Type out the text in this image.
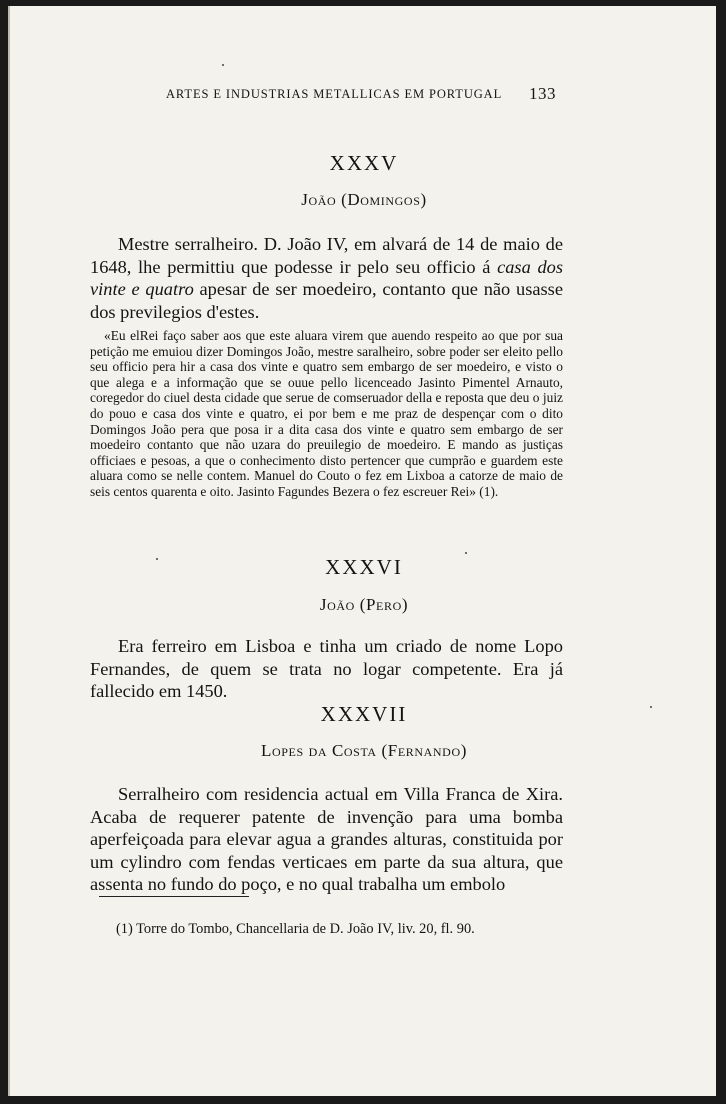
ARTES E INDUSTRIAS METALLICAS EM PORTUGAL 133
XXXV
João (Domingos)

Mestre serralheiro. D. João IV, em alvará de 14 de maio de 1648, lhe permittiu que podesse ir pelo seu officio á casa dos vinte e quatro apesar de ser moedeiro, contanto que não usasse dos previlegios d'estes.

«Eu elRei faço saber aos que este aluara virem que auendo respeito ao que por sua petição me emuiou dizer Domingos João, mestre saralheiro, sobre poder ser eleito pello seu officio pera hir a casa dos vinte e quatro sem embargo de ser moedeiro, e visto o que alega e a informação que se ouue pello licenceado Jasinto Pimentel Arnauto, coregedor do ciuel desta cidade que serue de comseruador della e reposta que deu o juiz do pouo e casa dos vinte e quatro, ei por bem e me praz de despençar com o dito Domingos João pera que posa ir a dita casa dos vinte e quatro sem embargo de ser moedeiro contanto que não uzara do preuilegio de moedeiro. E mando as justiças officiaes e pesoas, a que o conhecimento disto pertencer que cumprão e guardem este aluara como se nelle contem. Manuel do Couto o fez em Lixboa a catorze de maio de seis centos quarenta e oito. Jasinto Fagundes Bezera o fez escreuer Rei» (1).

XXXVI
João (Pero)

Era ferreiro em Lisboa e tinha um criado de nome Lopo Fernandes, de quem se trata no logar competente. Era já fallecido em 1450.

XXXVII
Lopes da Costa (Fernando)

Serralheiro com residencia actual em Villa Franca de Xira. Acaba de requerer patente de invenção para uma bomba aperfeiçoada para elevar agua a grandes alturas, constituida por um cylindro com fendas verticaes em parte da sua altura, que assenta no fundo do poço, e no qual trabalha um embolo

(1) Torre do Tombo, Chancellaria de D. João IV, liv. 20, fl. 90.
